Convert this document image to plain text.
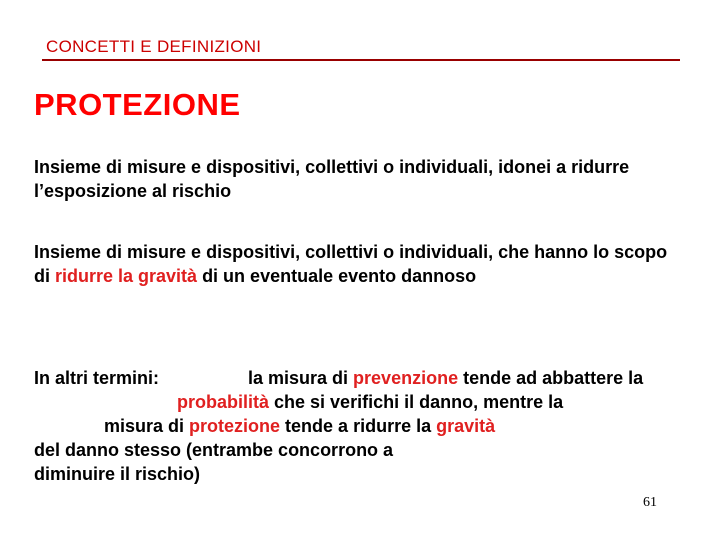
CONCETTI E DEFINIZIONI
PROTEZIONE
Insieme di misure e dispositivi, collettivi o individuali, idonei a ridurre l’esposizione al rischio
Insieme di misure e dispositivi, collettivi o individuali, che hanno lo scopo di ridurre la gravità di un eventuale evento dannoso
In altri termini:	la misura di prevenzione tende ad abbattere la
probabilità che si verifichi il danno, mentre la
misura di protezione tende a ridurre la gravità
del danno stesso (entrambe concorrono a
diminuire il rischio)
61
